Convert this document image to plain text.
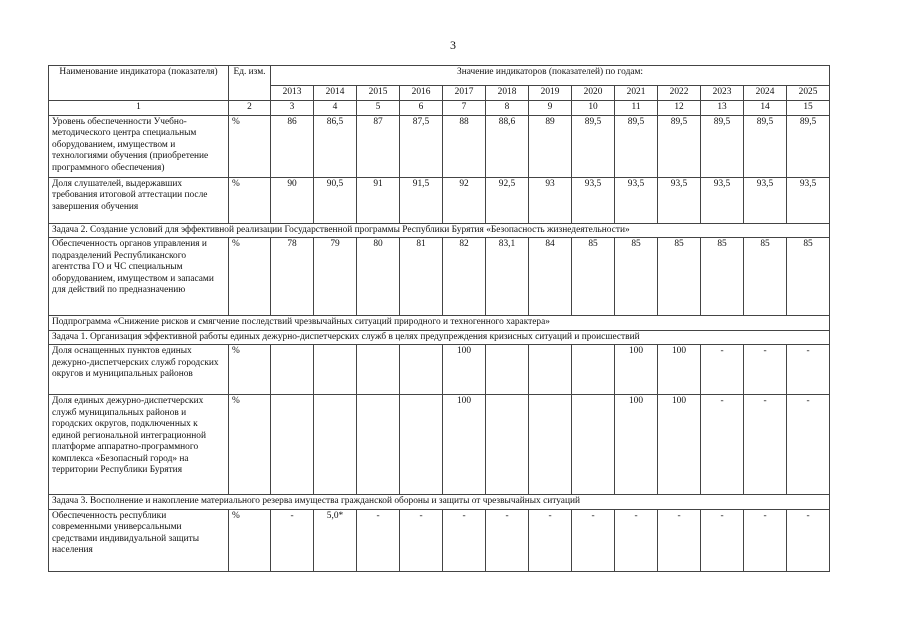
3
Наименование индикатора (показателя)	Ед. изм.	Значение индикаторов (показателей) по годам:												
		2013	2014	2015	2016	2017	2018	2019	2020	2021	2022	2023	2024	2025
1	2	3	4	5	6	7	8	9	10	11	12	13	14	15
Уровень обеспеченности Учебно-методического центра специальным оборудованием, имуществом и технологиями обучения (приобретение программного обеспечения)	%	86	86,5	87	87,5	88	88,6	89	89,5	89,5	89,5	89,5	89,5	89,5
Доля слушателей, выдержавших требования итоговой аттестации после завершения обучения	%	90	90,5	91	91,5	92	92,5	93	93,5	93,5	93,5	93,5	93,5	93,5
Задача 2. Создание условий для эффективной реализации Государственной программы Республики Бурятия «Безопасность жизнедеятельности»														
Обеспеченность органов управления и подразделений Республиканского агентства ГО и ЧС специальным оборудованием, имуществом и запасами для действий по предназначению	%	78	79	80	81	82	83,1	84	85	85	85	85	85	85
Подпрограмма «Снижение рисков и смягчение последствий чрезвычайных ситуаций природного и техногенного характера»														
Задача 1. Организация эффективной работы единых дежурно-диспетчерских служб в целях предупреждения кризисных ситуаций и происшествий														
Доля оснащенных пунктов единых дежурно-диспетчерских служб городских округов и муниципальных районов	%					100				100	100	-	-	-
Доля единых дежурно-диспетчерских служб муниципальных районов и городских округов, подключенных к единой региональной интеграционной платформе аппаратно-программного комплекса «Безопасный город» на территории Республики Бурятия	%					100				100	100	-	-	-
Задача 3. Восполнение и накопление материального резерва имущества гражданской обороны и защиты от чрезвычайных ситуаций														
Обеспеченность республики современными универсальными средствами индивидуальной защиты населения	%	-	5,0*	-	-	-	-	-	-	-	-	-	-	-
